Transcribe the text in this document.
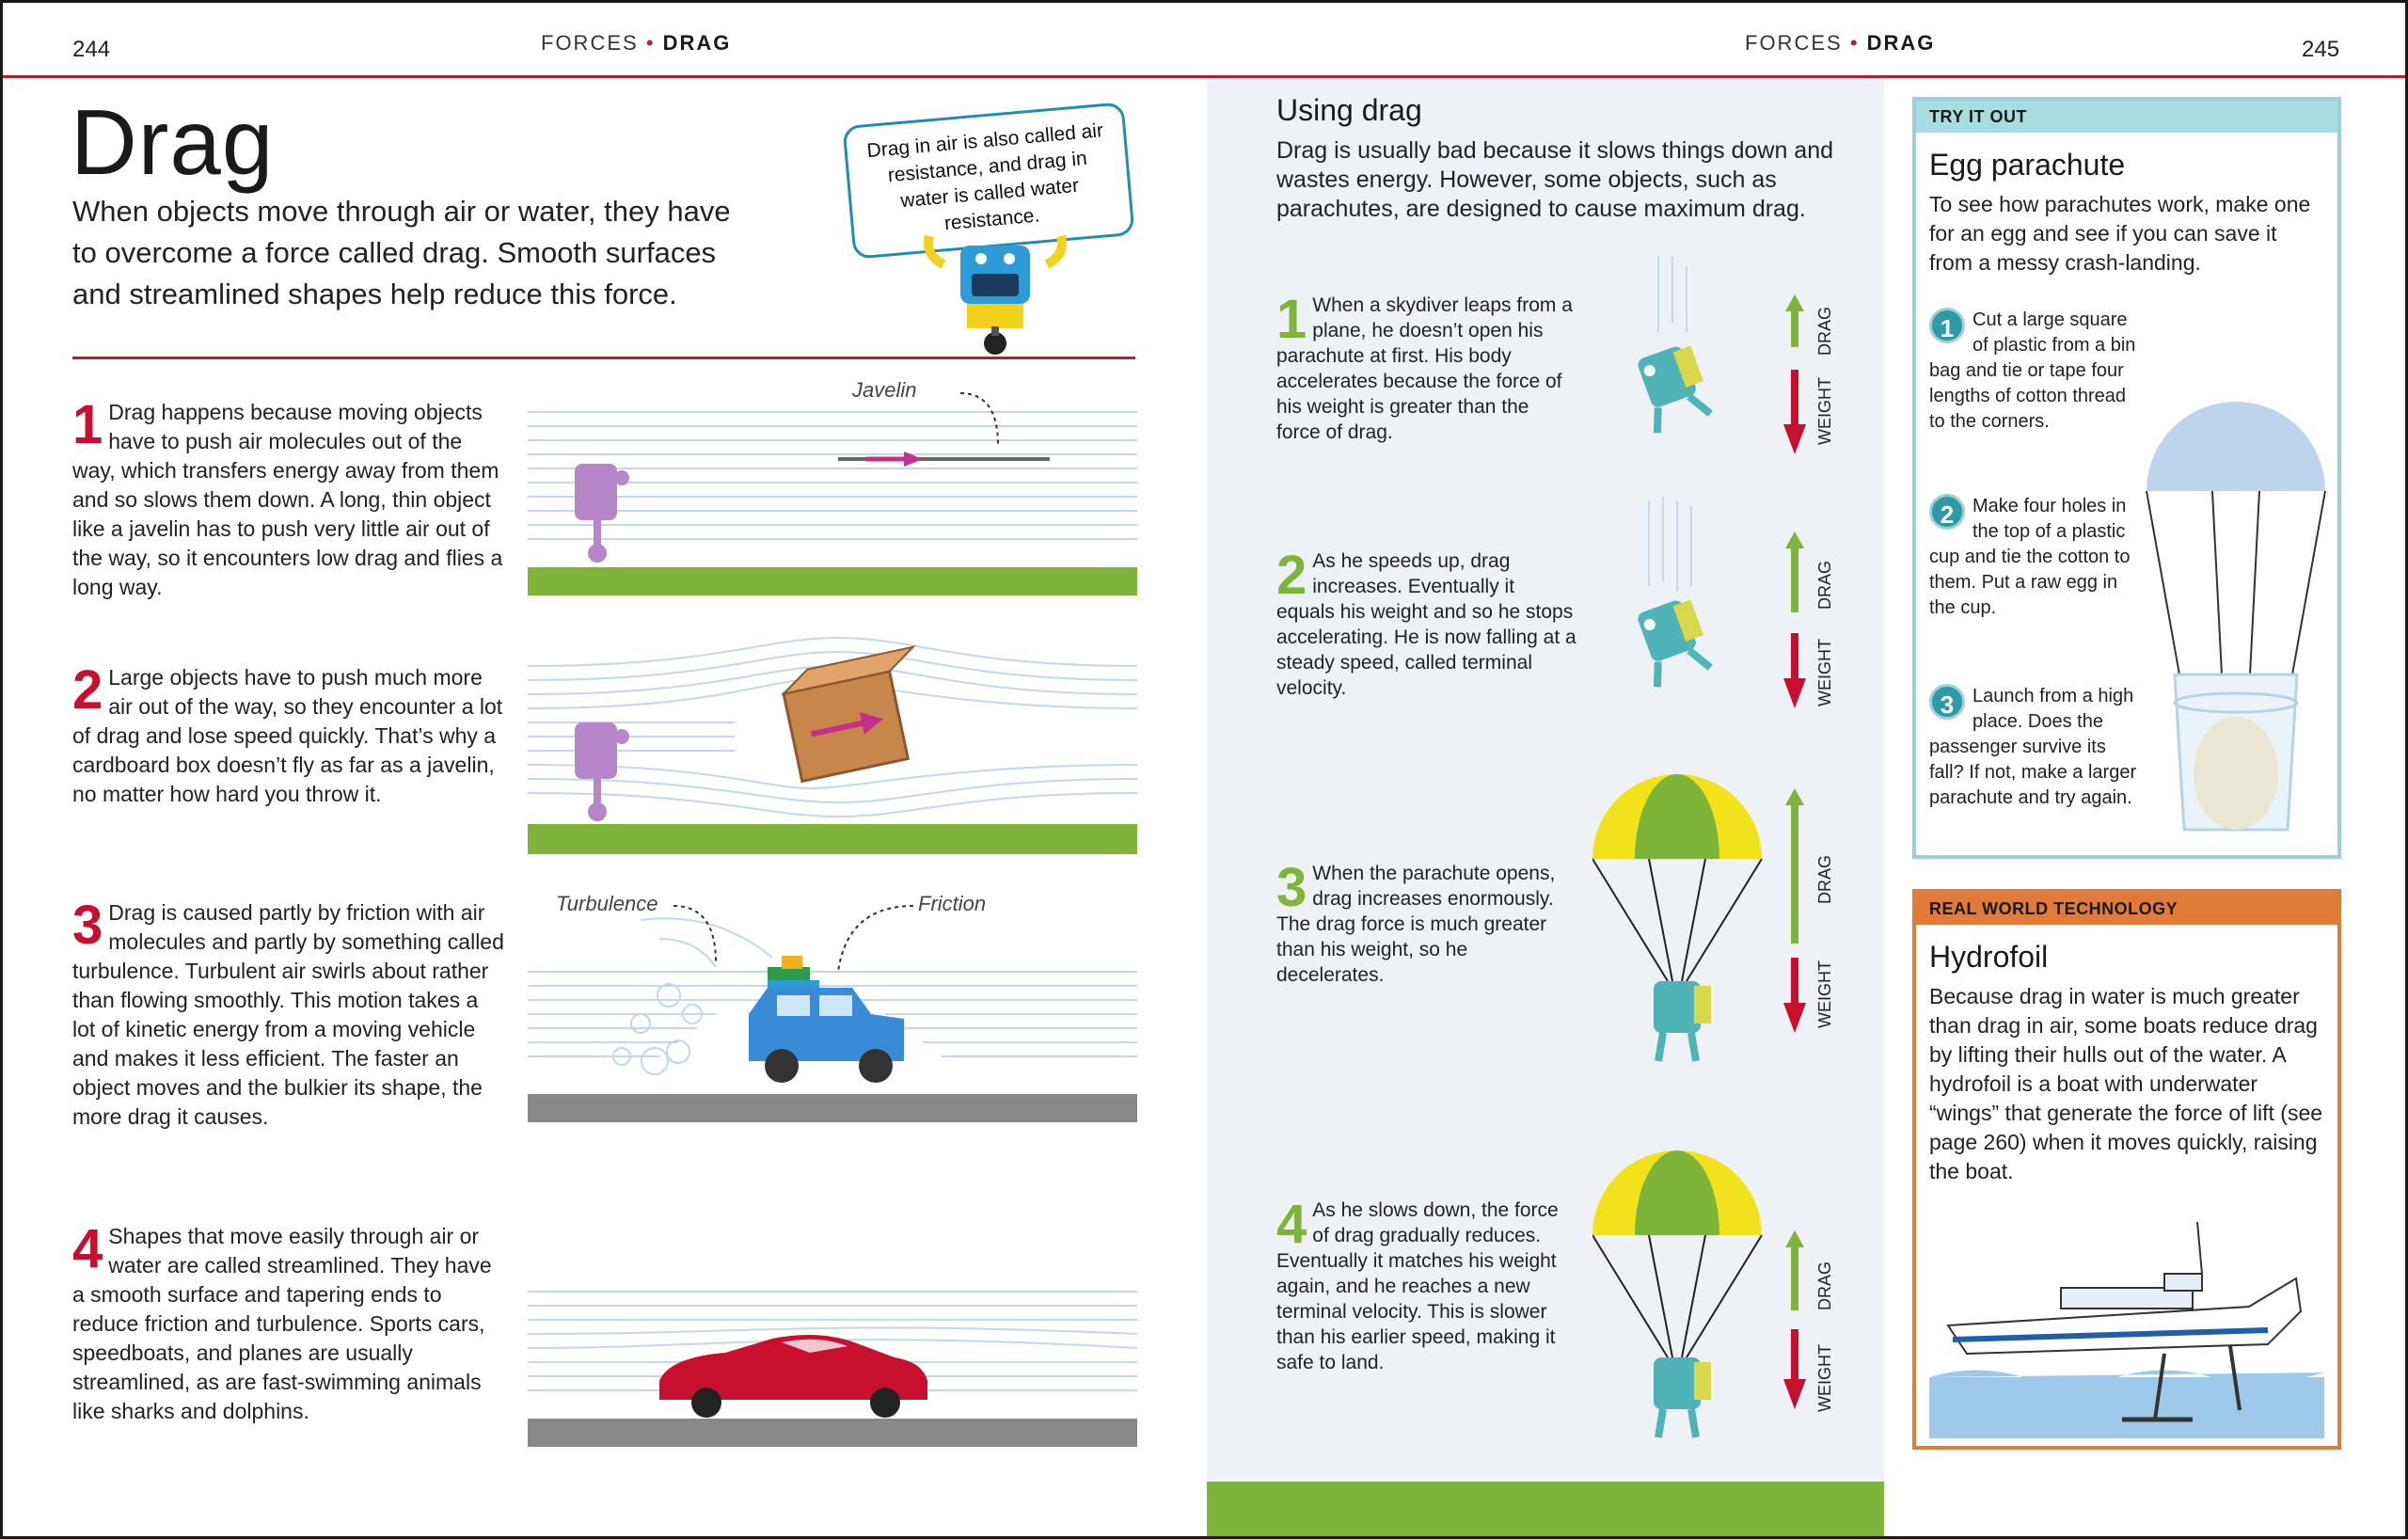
244	FORCES • DRAG	FORCES • DRAG	245
Drag
When objects move through air or water, they have to overcome a force called drag. Smooth surfaces and streamlined shapes help reduce this force.
Drag in air is also called air resistance, and drag in water is called water resistance.
1 Drag happens because moving objects have to push air molecules out of the way, which transfers energy away from them and so slows them down. A long, thin object like a javelin has to push very little air out of the way, so it encounters low drag and flies a long way.
Javelin
2 Large objects have to push much more air out of the way, so they encounter a lot of drag and lose speed quickly. That’s why a cardboard box doesn’t fly as far as a javelin, no matter how hard you throw it.
3 Drag is caused partly by friction with air molecules and partly by something called turbulence. Turbulent air swirls about rather than flowing smoothly. This motion takes a lot of kinetic energy from a moving vehicle and makes it less efficient. The faster an object moves and the bulkier its shape, the more drag it causes.
Turbulence	Friction
4 Shapes that move easily through air or water are called streamlined. They have a smooth surface and tapering ends to reduce friction and turbulence. Sports cars, speedboats, and planes are usually streamlined, as are fast-swimming animals like sharks and dolphins.
Using drag
Drag is usually bad because it slows things down and wastes energy. However, some objects, such as parachutes, are designed to cause maximum drag.
1 When a skydiver leaps from a plane, he doesn’t open his parachute at first. His body accelerates because the force of his weight is greater than the force of drag.
2 As he speeds up, drag increases. Eventually it equals his weight and so he stops accelerating. He is now falling at a steady speed, called terminal velocity.
3 When the parachute opens, drag increases enormously. The drag force is much greater than his weight, so he decelerates.
4 As he slows down, the force of drag gradually reduces. Eventually it matches his weight again, and he reaches a new terminal velocity. This is slower than his earlier speed, making it safe to land.
DRAG
WEIGHT
DRAG
WEIGHT
DRAG
WEIGHT
DRAG
WEIGHT
TRY IT OUT
Egg parachute
To see how parachutes work, make one for an egg and see if you can save it from a messy crash-landing.
1 Cut a large square of plastic from a bin bag and tie or tape four lengths of cotton thread to the corners.
2 Make four holes in the top of a plastic cup and tie the cotton to them. Put a raw egg in the cup.
3 Launch from a high place. Does the passenger survive its fall? If not, make a larger parachute and try again.
REAL WORLD TECHNOLOGY
Hydrofoil
Because drag in water is much greater than drag in air, some boats reduce drag by lifting their hulls out of the water. A hydrofoil is a boat with underwater “wings” that generate the force of lift (see page 260) when it moves quickly, raising the boat.
